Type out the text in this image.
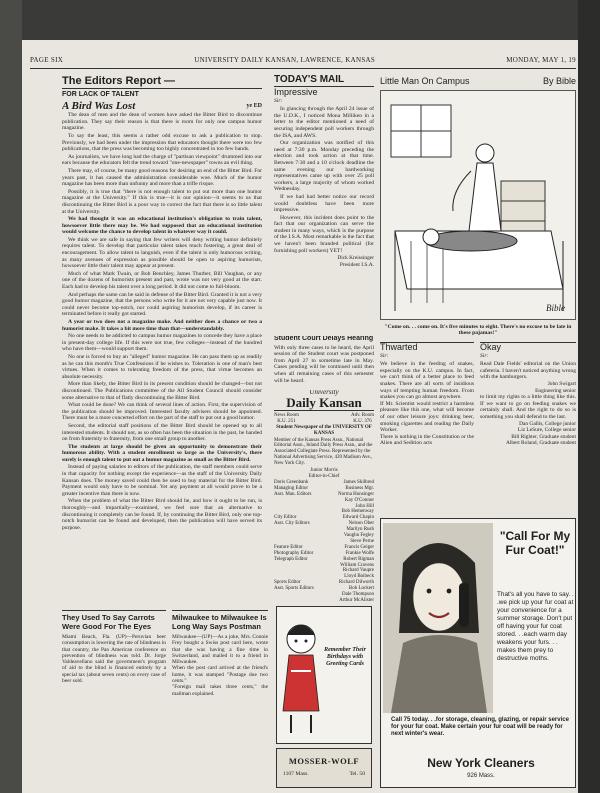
PAGE SIX	UNIVERSITY DAILY KANSAN, LAWRENCE, KANSAS	MONDAY, MAY 1, 19
The Editors Report —
FOR LACK OF TALENT
A Bird Was Lost	ye ED

The dean of men and the dean of women have asked the Bitter Bird to discontinue publication. They say their reason is that there is room for only one campus humor magazine.

To say the least, this seems a rather odd excuse to ask a publication to stop. Previously, we had been under the impression that educators thought there were too few publications, that the press was becoming too highly concentrated in too few hands.

As journalists, we have long had the charge of "partisan viewpoint" drummed into our ears because the educators felt the trend toward "one-newspaper" towns an evil thing.

There may, of course, be many good reasons for desiring an end of the Bitter Bird. For years past, it has caused the administration considerable woe. Much of the humor magazine has been more than unfunny and more than a trifle risque.

Possibly, it is true that "there is not enough talent to put out more than one humor magazine at the University." If this is true—it is our opinion—it seems to us that discontinuing the Bitter Bird is a poor way to correct the fact that there is so little talent at the University.

We had thought it was an educational institution's obligation to train talent, howsoever little there may be. We had supposed that an educational institution would welcome the chance to develop talent in whatever way it could.

We think we are safe in saying that few writers will deny writing humor definitely requires talent. To develop that particular talent takes much fostering, a great deal of encouragement. To allow talent to languish, even if the talent is only humorous writing, as many avenues of expression as possible should be open to aspiring humorists, howsoever little their talent may appear at present.

Much of what Mark Twain, or Bob Benchley, James Thurber, Bill Vaughan, or any one of the dozens of humorists present and past, wrote was not very good at the start. Each had to develop his talent over a long period. It did not come to full-bloom.

And perhaps the same can be said in defense of the Bitter Bird. Granted it is not a very good humor magazine, that the persons who write for it are not very capable just now. It could never become top-notch, nor could aspiring humorists develop, if its career is terminated before it really got started.

A year or two does not a magazine make. And neither does a chance or two a humorist make. It takes a bit more time than that—understandably.

No one needs to be addicted to campus humor magazines to concede they have a place in present-day college life. If this were not true, few colleges—instead of the hundred who have them—would support them.

No one is forced to buy an "alleged" humor magazine. He can pass them up as readily as he can this month's True Confessions if he wishes to. Toleration is one of man's best virtues. When it comes to tolerating freedom of the press, that virtue becomes an absolute necessity.

More than likely, the Bitter Bird in its present condition should be changed—but not discontinued. The Publications committee of the All Student Council should consider some alternative to that of flatly discontinuing the Bitter Bird.

What could be done? We can think of several lines of action. First, the supervision of the publication should be improved. Interested faculty advisers should be appointed. There must be a more concerted effort on the part of the staff to put out a good humor.

Second, the editorial staff positions of the Bitter Bird should be opened up to all interested students. It should not, as so often has been the situation in the past, be handed on from fraternity to fraternity, from one small group to another.

The students at large should be given an opportunity to demonstrate their humorous ability. With a student enrollment so large as the University's, there surely is enough talent to put out a humor magazine as small as the Bitter Bird.

Instead of paying salaries to editors of the publication, the staff members could serve in that capacity for nothing except the experience—as the staff of the University Daily Kansan does. The money saved could then be used to buy material for the Bitter Bird. Payment would only have to be nominal. Yet any payment at all would prove to be a greater incentive than there is now.

When the problem of what the Bitter Bird should be, and how it ought to be run, is thoroughly—and impartially—examined, we feel sure that an alternative to discontinuing it completely can be found. If, by continuing the Bitter Bird, only one top-notch humorist can be found and developed, then the publication will have served its purpose.

They Used To Say Carrots Were Good For The Eyes
Miami Beach, Fla. (UP)—Peruvian beer consumption is lowering the rate of blindness in that country, the Pan American conference on prevention of blindness was told. Dr. Jorge Valdeavellano said the government's program of aid to the blind is financed entirely by a special tax (about seven cents) on every case of beer sold.
Milwaukee to Milwaukee Is Long Way Says Postman

Milwaukee—(UP)—As a joke, Mrs. Connie Frey bought a Swiss post card here, wrote that she was having a fine time in Switzerland, and mailed it to a friend in Milwaukee.

When the post card arrived at the friend's home, it was stamped "Postage due two cents."

"Foreign mail takes three cents," the mailman explained.

TODAY'S MAIL
Impressive
Sir:

In glancing through the April 24 issue of the U.D.K., I noticed Mona Milliken in a letter to the editor mentioned a need of securing independent poll workers through the ISA, and AWS.

Our organization was notified of this need at 7:30 p.m. Monday preceding the election and took action at that time. Between 7:30 and a 10 o'clock deadline the same evening our hardworking representatives came up with over 25 poll workers, a large majority of whom worked Wednesday.

If we had had better notice our record would doubtless have been more impressive.

However, this incident does point to the fact that our organization can serve the student in many ways, which is the purpose of the I.S.A. Most remarkable is the fact that we haven't been branded political (for furnishing poll workers) YET!

Dick Kreissinger
President I.S.A.
Student Court Delays Hearing
With only three cases to be heard, the April session of the Student court was postponed from April 27 to sometime late in May. Cases pending will be continued until then when all remaining cases of this semester will be heard.
University
Daily Kansan
News Room
K.U. 251
Adv. Room
K.U. 376
Student Newspaper of the UNIVERSITY OF KANSAS
Member of the Kansas Press Assn., National Editorial Assn., Inland Daily Press Assn., and the Associated Collegiate Press. Represented by the National Advertising Service, 420 Madison Ave., New York City.
Junior Morris
Editor-in-Chief
Doris Greenbank	James Skilbred
Managing Editor	Business Mgr.
Asst. Man. Editors	Norma Hunsinger
Kay O'Connor
John Hill
Bob Hemenway
City Editor	Edward Chapin
Asst. City Editors	Nelson Ober
Marilyn Rush
Vaughn Fegley
Steve Perne
Feature Editor	Francis Geiger
Photography Editor	Frankie Wolfe
Telegraph Editor	Robert Rigman
William Cravens
Richard Vaupre
Lloyd Boibeck
Sports Editor	Richard Dilworth
Asst. Sports Editors	Bob Lockert
Dale Thompson
Arthur McAlister
Remember Their Birthdays with Greeting Cards
MOSSER-WOLF
1107 Mass.	Tel. 50
Little Man On Campus	By Bible
Bible
"Come on. . . come on. It's five minutes to eight. There's no excuse to be late in these pajamas!"
Thwarted
Sir:

We believe in the feeding of snakes, especially on the K.U. campus. In fact, we can't think of a better place to feed snakes. There are all sorts of insidious ways of tempting human freedom. From snakes you can go almost anywhere.

If Mr. Scientist would restrict a harmless pleasure like this one, what will become of our other leisure joys: drinking beer, smoking cigarettes and reading the Daily Worker.

There is nothing in the Constitution or the Alien and Sedition acts

Okay
Sir:

Read Dale Fields' editorial on the Union cafeteria. I haven't noticed anything wrong with the hamburgers.

John Swigart
Engineering senior

to limit my rights to a little thing like this. If we want to go on feeding snakes we certainly shall. And the right to do so is something you shall defend to the last.

Dan Gallis, College junior
Liz LeSure, College senior
Bill Righter, Graduate student
Albert Roland, Graduate student
"Call For My Fur Coat!"
That's all you have to say. . .we pick up your fur coat at your convenience for a summer storage. Don't put off having your fur coat stored. . .each warm day weakens your furs. . . makes them prey to destructive moths.
Call 75 today. . .for storage, cleaning, glazing, or repair service for your fur coat. Make certain your fur coat will be ready for next winter's wear.
New York Cleaners
926 Mass.
